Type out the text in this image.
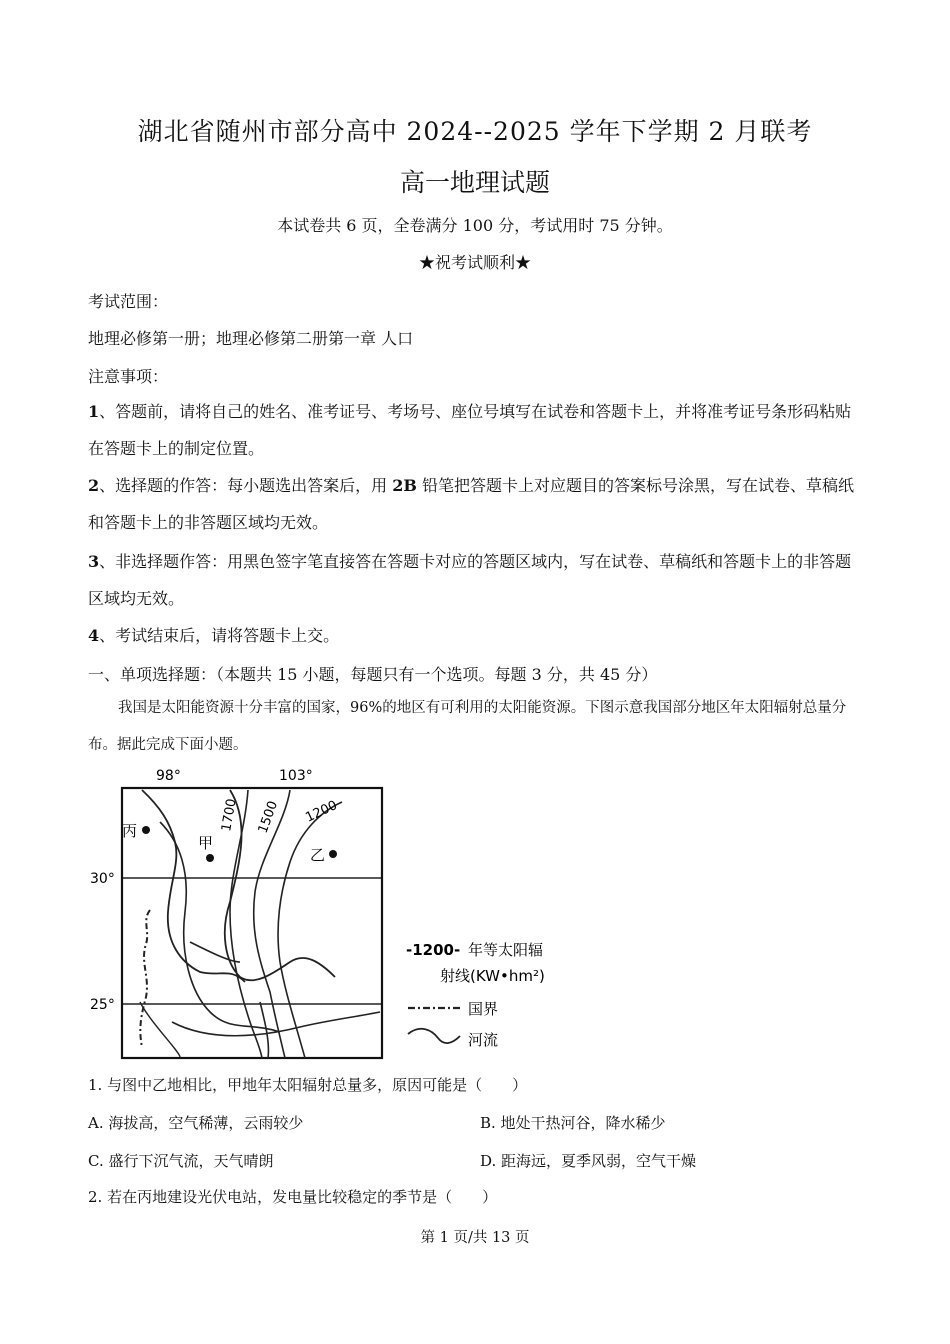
湖北省随州市部分高中 2024--2025 学年下学期 2 月联考
高一地理试题
本试卷共 6 页，全卷满分 100 分，考试用时 75 分钟。
★祝考试顺利★
考试范围：
地理必修第一册；地理必修第二册第一章 人口
注意事项：
1、答题前，请将自己的姓名、准考证号、考场号、座位号填写在试卷和答题卡上，并将准考证号条形码粘贴在答题卡上的制定位置。
2、选择题的作答：每小题选出答案后，用 2B 铅笔把答题卡上对应题目的答案标号涂黑，写在试卷、草稿纸和答题卡上的非答题区域均无效。
3、非选择题作答：用黑色签字笔直接答在答题卡对应的答题区域内，写在试卷、草稿纸和答题卡上的非答题区域均无效。
4、考试结束后，请将答题卡上交。
一、单项选择题：（本题共 15 小题，每题只有一个选项。每题 3 分，共 45 分）
我国是太阳能资源十分丰富的国家，96%的地区有可利用的太阳能资源。下图示意我国部分地区年太阳辐射总量分布。据此完成下面小题。
丙
甲
乙
1700 1500 1200
98°	103°
30°
25°
-1200- 年等太阳辐
射线(KW•hm²)
国界
河流
1. 与图中乙地相比，甲地年太阳辐射总量多，原因可能是（　　）
A. 海拔高，空气稀薄，云雨较少	B. 地处干热河谷，降水稀少
C. 盛行下沉气流，天气晴朗	D. 距海远，夏季风弱，空气干燥
2. 若在丙地建设光伏电站，发电量比较稳定的季节是（　　）
第 1 页/共 13 页
